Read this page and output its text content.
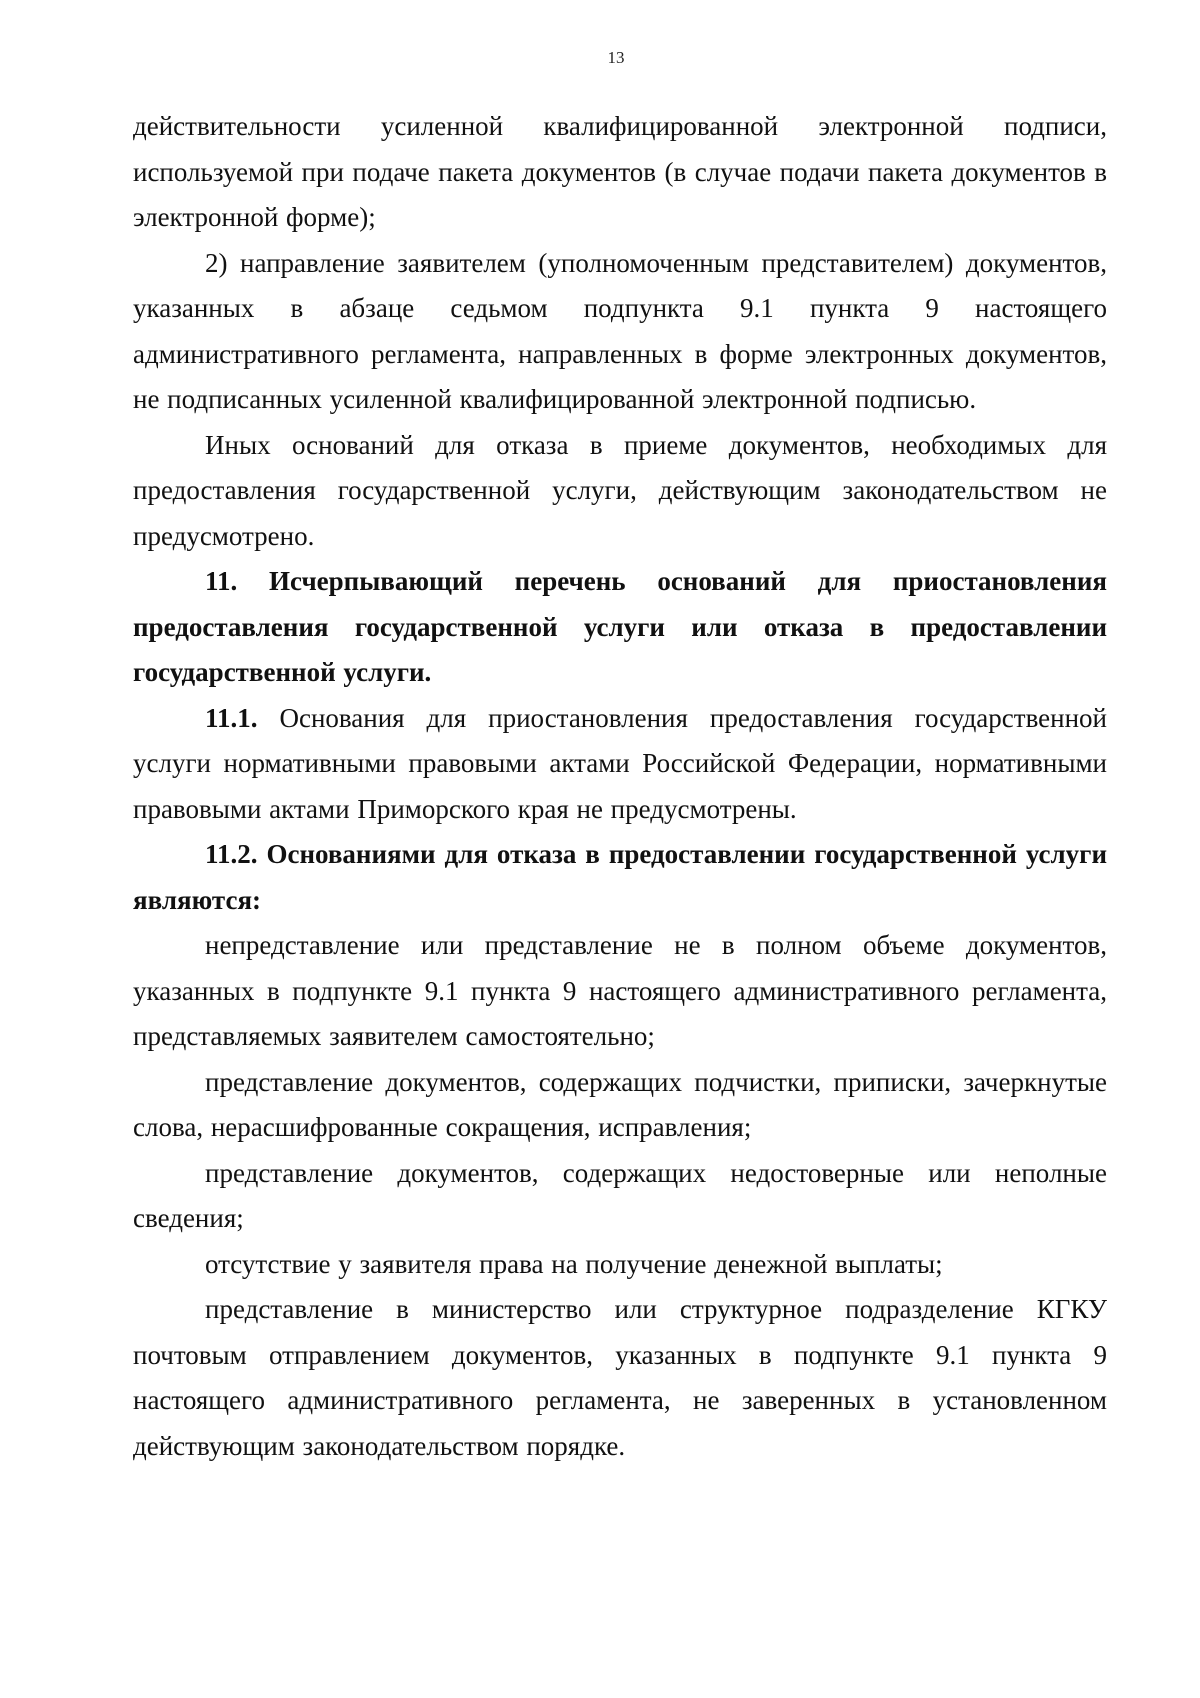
13

действительности усиленной квалифицированной электронной подписи, используемой при подаче пакета документов (в случае подачи пакета документов в электронной форме);

2) направление заявителем (уполномоченным представителем) документов, указанных в абзаце седьмом подпункта 9.1 пункта 9 настоящего административного регламента, направленных в форме электронных документов, не подписанных усиленной квалифицированной электронной подписью.

Иных оснований для отказа в приеме документов, необходимых для предоставления государственной услуги, действующим законодательством не предусмотрено.

11. Исчерпывающий перечень оснований для приостановления предоставления государственной услуги или отказа в предоставлении государственной услуги.

11.1. Основания для приостановления предоставления государственной услуги нормативными правовыми актами Российской Федерации, нормативными правовыми актами Приморского края не предусмотрены.

11.2. Основаниями для отказа в предоставлении государственной услуги являются:

непредставление или представление не в полном объеме документов, указанных в подпункте 9.1 пункта 9 настоящего административного регламента, представляемых заявителем самостоятельно;

представление документов, содержащих подчистки, приписки, зачеркнутые слова, нерасшифрованные сокращения, исправления;

представление документов, содержащих недостоверные или неполные сведения;

отсутствие у заявителя права на получение денежной выплаты;

представление в министерство или структурное подразделение КГКУ почтовым отправлением документов, указанных в подпункте 9.1 пункта 9 настоящего административного регламента, не заверенных в установленном действующим законодательством порядке.
